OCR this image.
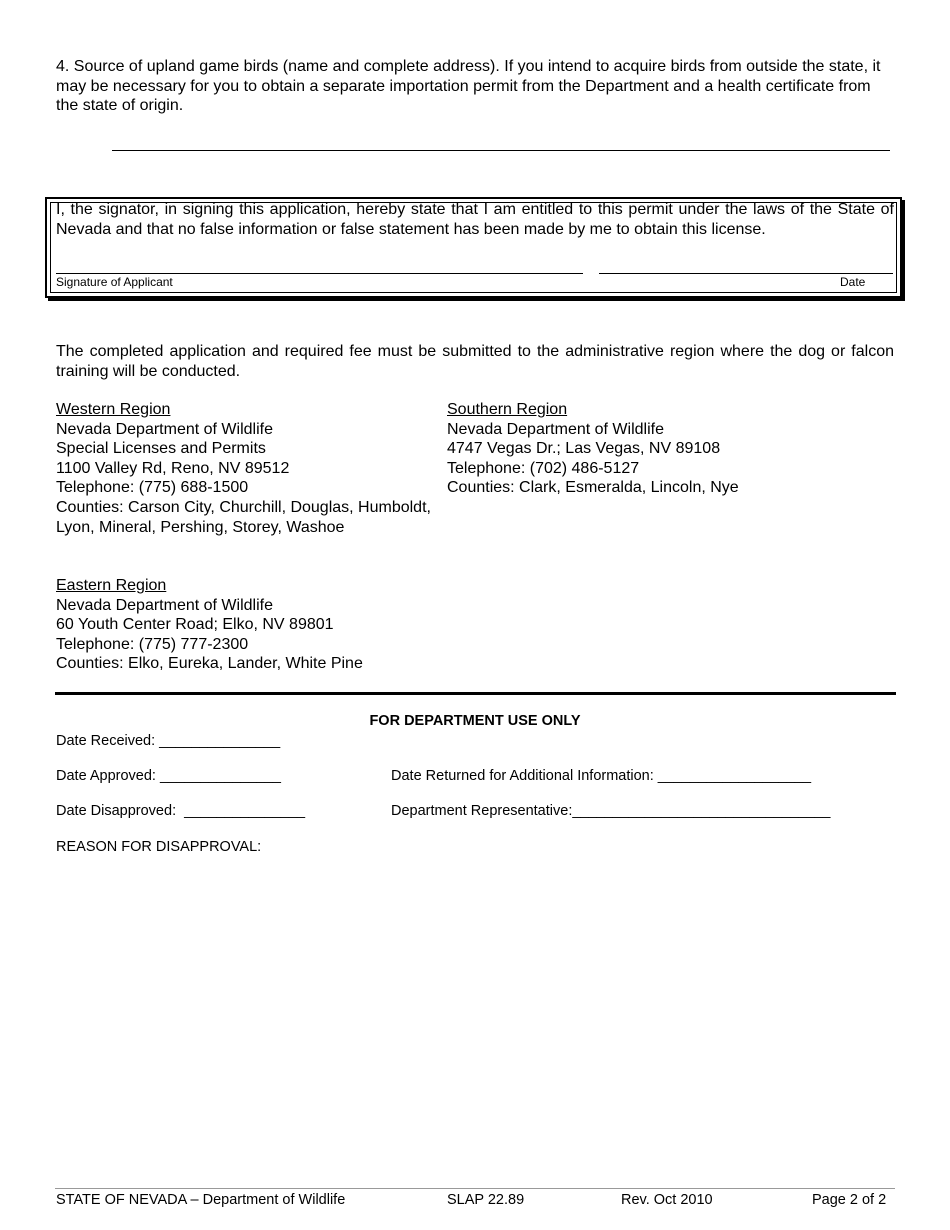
4. Source of upland game birds (name and complete address). If you intend to acquire birds from outside the state, it may be necessary for you to obtain a separate importation permit from the Department and a health certificate from the state of origin.
I, the signator, in signing this application, hereby state that I am entitled to this permit under the laws of the State of Nevada and that no false information or false statement has been made by me to obtain this license.
Signature of Applicant	Date
The completed application and required fee must be submitted to the administrative region where the dog or falcon training will be conducted.
Western Region
Nevada Department of Wildlife
Special Licenses and Permits
1100 Valley Rd, Reno, NV 89512
Telephone: (775) 688-1500
Counties: Carson City, Churchill, Douglas, Humboldt, Lyon, Mineral, Pershing, Storey, Washoe
Southern Region
Nevada Department of Wildlife
4747 Vegas Dr.; Las Vegas, NV 89108
Telephone: (702) 486-5127
Counties: Clark, Esmeralda, Lincoln, Nye
Eastern Region
Nevada Department of Wildlife
60 Youth Center Road; Elko, NV 89801
Telephone: (775) 777-2300
Counties: Elko, Eureka, Lander, White Pine
FOR DEPARTMENT USE ONLY
Date Received: _______________
Date Approved: _______________	Date Returned for Additional Information: ___________________
Date Disapproved:  _______________	Department Representative:________________________________
REASON FOR DISAPPROVAL:
STATE OF NEVADA – Department of Wildlife	SLAP 22.89	Rev. Oct 2010	Page 2 of 2
